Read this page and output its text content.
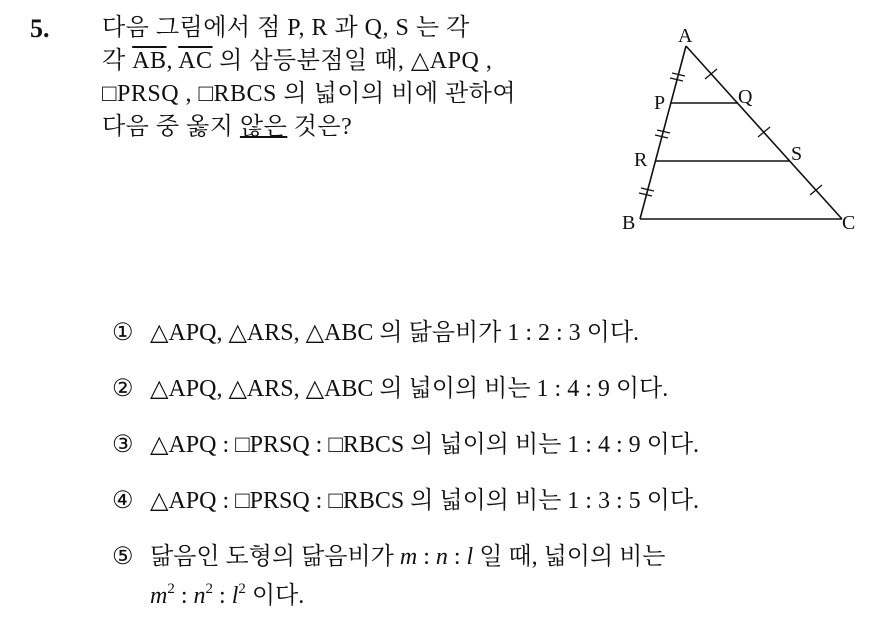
5. 다음 그림에서 점 P, R 과 Q, S 는 각
각 $\overline{AB}$, $\overline{AC}$ 의 삼등분점일 때, △APQ ,
□PRSQ , □RBCS 의 넓이의 비에 관하여
다음 중 옳지 않은 것은?
A
P	Q
R	S
B	C
① △APQ, △ARS, △ABC 의 닮음비가 1 : 2 : 3 이다.
② △APQ, △ARS, △ABC 의 넓이의 비는 1 : 4 : 9 이다.
③ △APQ : □PRSQ : □RBCS 의 넓이의 비는 1 : 4 : 9 이다.
④ △APQ : □PRSQ : □RBCS 의 넓이의 비는 1 : 3 : 5 이다.
⑤ 닮음인 도형의 닮음비가 m : n : l 일 때, 넓이의 비는
$m^2$ : $n^2$ : $l^2$ 이다.
